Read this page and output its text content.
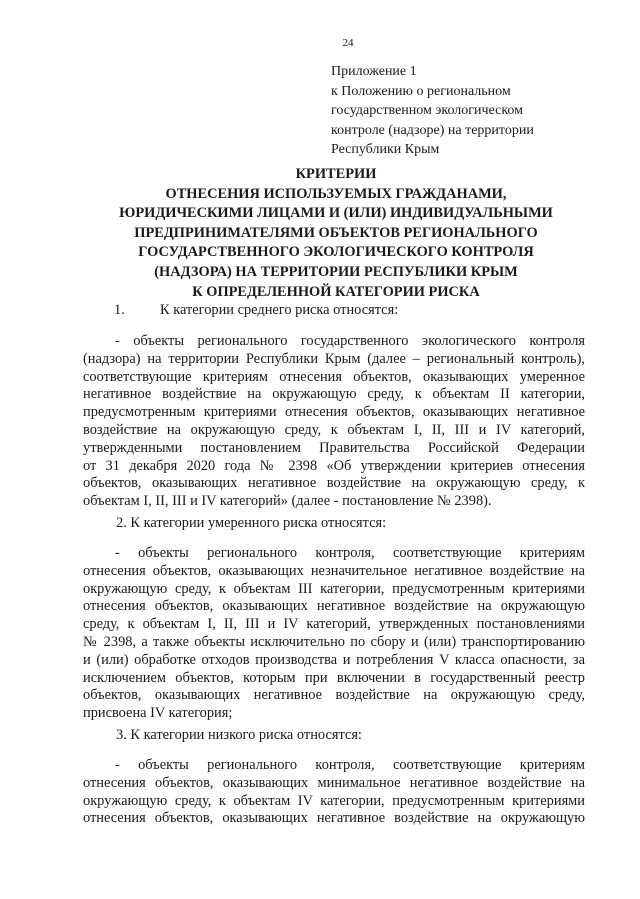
24
Приложение 1
к Положению о региональном
государственном экологическом
контроле (надзоре) на территории
Республики Крым
КРИТЕРИИ
ОТНЕСЕНИЯ ИСПОЛЬЗУЕМЫХ ГРАЖДАНАМИ,
ЮРИДИЧЕСКИМИ ЛИЦАМИ И (ИЛИ) ИНДИВИДУАЛЬНЫМИ
ПРЕДПРИНИМАТЕЛЯМИ ОБЪЕКТОВ РЕГИОНАЛЬНОГО
ГОСУДАРСТВЕННОГО ЭКОЛОГИЧЕСКОГО КОНТРОЛЯ
(НАДЗОРА) НА ТЕРРИТОРИИ РЕСПУБЛИКИ КРЫМ
К ОПРЕДЕЛЕННОЙ КАТЕГОРИИ РИСКА
1. К категории среднего риска относятся:
- объекты регионального государственного экологического контроля
(надзора) на территории Республики Крым (далее – региональный контроль),
соответствующие критериям отнесения объектов, оказывающих умеренное
негативное воздействие на окружающую среду, к объектам II категории,
предусмотренным критериями отнесения объектов, оказывающих негативное
воздействие на окружающую среду, к объектам I, II, III и IV категорий,
утвержденными постановлением Правительства Российской Федерации
от 31 декабря 2020 года № 2398 «Об утверждении критериев отнесения
объектов, оказывающих негативное воздействие на окружающую среду, к
объектам I, II, III и IV категорий» (далее - постановление № 2398).
2. К категории умеренного риска относятся:
- объекты регионального контроля, соответствующие критериям
отнесения объектов, оказывающих незначительное негативное воздействие на
окружающую среду, к объектам III категории, предусмотренным критериями
отнесения объектов, оказывающих негативное воздействие на окружающую
среду, к объектам I, II, III и IV категорий, утвержденных постановлениями
№ 2398, а также объекты исключительно по сбору и (или) транспортированию
и (или) обработке отходов производства и потребления V класса опасности, за
исключением объектов, которым при включении в государственный реестр
объектов, оказывающих негативное воздействие на окружающую среду,
присвоена IV категория;
3. К категории низкого риска относятся:
- объекты регионального контроля, соответствующие критериям
отнесения объектов, оказывающих минимальное негативное воздействие на
окружающую среду, к объектам IV категории, предусмотренным критериями
отнесения объектов, оказывающих негативное воздействие на окружающую
